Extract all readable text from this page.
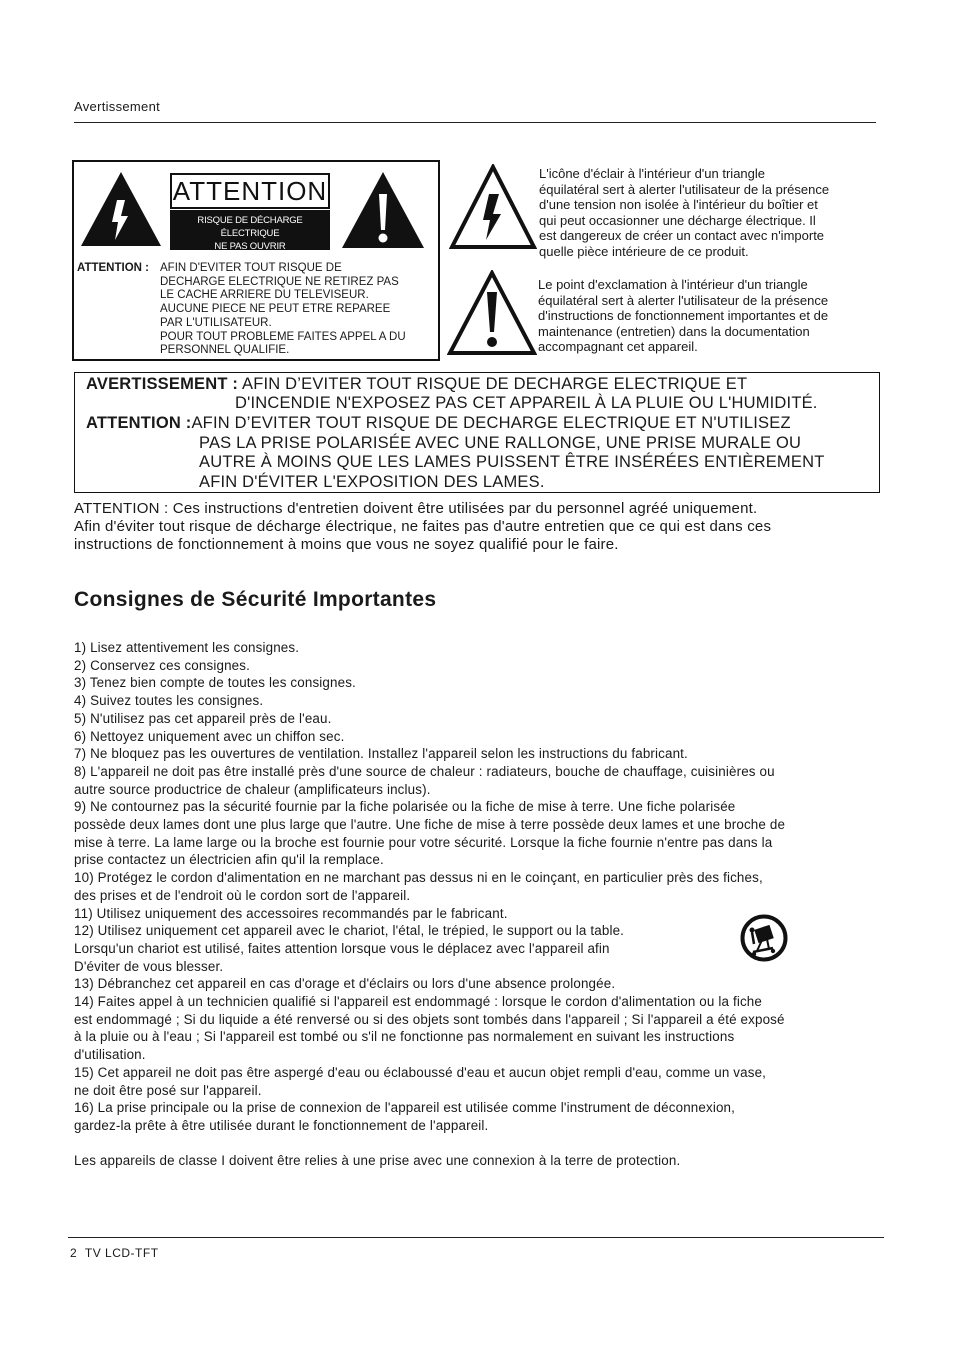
Avertissement
ATTENTION
RISQUE DE DÉCHARGE ÉLECTRIQUE
NE PAS OUVRIR
ATTENTION : AFIN D'EVITER TOUT RISQUE DE
DECHARGE ELECTRIQUE NE RETIREZ PAS
LE CACHE ARRIERE DU TELEVISEUR.
AUCUNE PIECE NE PEUT ETRE REPAREE
PAR L'UTILISATEUR.
POUR TOUT PROBLEME FAITES APPEL A DU
PERSONNEL QUALIFIE.
L'icône d'éclair à l'intérieur d'un triangle
équilatéral sert à alerter l'utilisateur de la présence
d'une tension non isolée à l'intérieur du boîtier et
qui peut occasionner une décharge électrique. Il
est dangereux de créer un contact avec n'importe
quelle pièce intérieure de ce produit.
Le point d'exclamation à l'intérieur d'un triangle
équilatéral sert à alerter l'utilisateur de la présence
d'instructions de fonctionnement importantes et de
maintenance (entretien) dans la documentation
accompagnant cet appareil.
AVERTISSEMENT : AFIN D’EVITER TOUT RISQUE DE DECHARGE ELECTRIQUE ET
D'INCENDIE N'EXPOSEZ PAS CET APPAREIL À LA PLUIE OU L'HUMIDITÉ.
ATTENTION :AFIN D’EVITER TOUT RISQUE DE DECHARGE ELECTRIQUE ET N'UTILISEZ
PAS LA PRISE POLARISÉE AVEC UNE RALLONGE, UNE PRISE MURALE OU
AUTRE À MOINS QUE LES LAMES PUISSENT ÊTRE INSÉRÉES ENTIÈREMENT
AFIN D'ÉVITER L'EXPOSITION DES LAMES.
ATTENTION : Ces instructions d'entretien doivent être utilisées par du personnel agréé uniquement.
Afin d'éviter tout risque de décharge électrique, ne faites pas d'autre entretien que ce qui est dans ces
instructions de fonctionnement à moins que vous ne soyez qualifié pour le faire.
Consignes de Sécurité Importantes
1) Lisez attentivement les consignes.
2) Conservez ces consignes.
3) Tenez bien compte de toutes les consignes.
4) Suivez toutes les consignes.
5) N'utilisez pas cet appareil près de l'eau.
6) Nettoyez uniquement avec un chiffon sec.
7) Ne bloquez pas les ouvertures de ventilation. Installez l'appareil selon les instructions du fabricant.
8) L'appareil ne doit pas être installé près d'une source de chaleur : radiateurs, bouche de chauffage, cuisinières ou
autre source productrice de chaleur (amplificateurs inclus).
9) Ne contournez pas la sécurité fournie par la fiche polarisée ou la fiche de mise à terre. Une fiche polarisée
possède deux lames dont une plus large que l'autre. Une fiche de mise à terre possède deux lames et une broche de
mise à terre. La lame large ou la broche est fournie pour votre sécurité. Lorsque la fiche fournie n'entre pas dans la
prise contactez un électricien afin qu'il la remplace.
10) Protégez le cordon d'alimentation en ne marchant pas dessus ni en le coinçant, en particulier près des fiches,
des prises et de l'endroit où le cordon sort de l'appareil.
11) Utilisez uniquement des accessoires recommandés par le fabricant.
12) Utilisez uniquement cet appareil avec le chariot, l'étal, le trépied, le support ou la table.
Lorsqu'un chariot est utilisé, faites attention lorsque vous le déplacez avec l'appareil afin
D'éviter de vous blesser.
13) Débranchez cet appareil en cas d'orage et d'éclairs ou lors d'une absence prolongée.
14) Faites appel à un technicien qualifié si l'appareil est endommagé : lorsque le cordon d'alimentation ou la fiche
est endommagé ; Si du liquide a été renversé ou si des objets sont tombés dans l'appareil ; Si l'appareil a été exposé
à la pluie ou à l'eau ; Si l'appareil est tombé ou s'il ne fonctionne pas normalement en suivant les instructions
d'utilisation.
15) Cet appareil ne doit pas être aspergé d'eau ou éclaboussé d'eau et aucun objet rempli d'eau, comme un vase,
ne doit être posé sur l'appareil.
16) La prise principale ou la prise de connexion de l'appareil est utilisée comme l'instrument de déconnexion,
gardez-la prête à être utilisée durant le fonctionnement de l'appareil.
Les appareils de classe I doivent être relies à une prise avec une connexion à la terre de protection.
2 TV LCD-TFT
